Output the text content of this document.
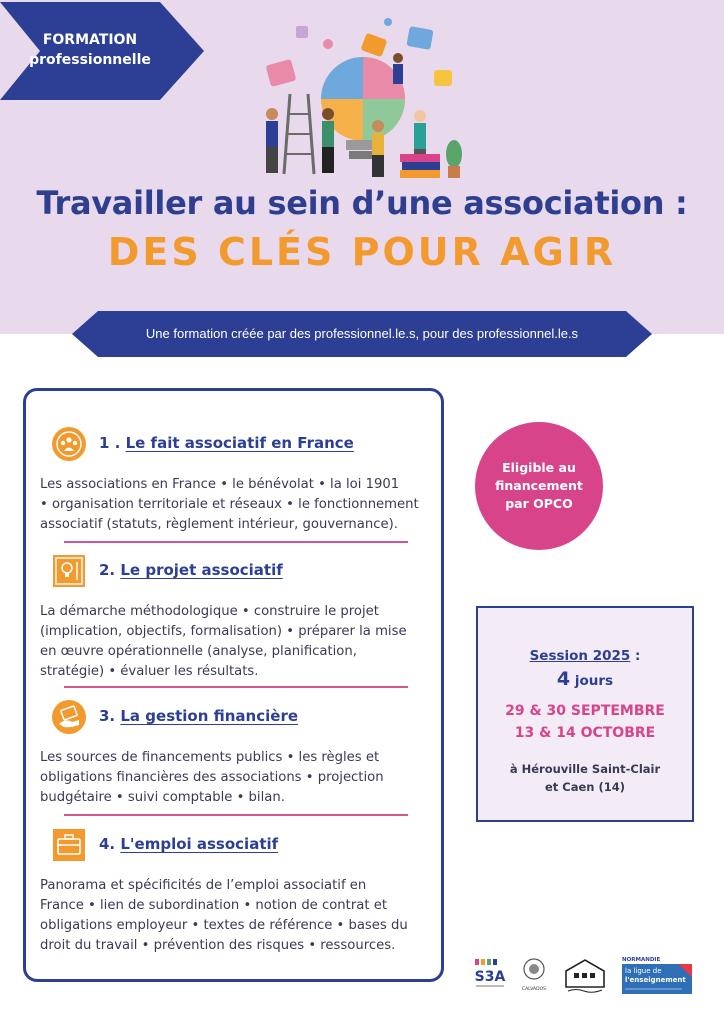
FORMATION
professionnelle
Travailler au sein d’une association :
DES CLÉS POUR AGIR
Une formation créée par des professionnel.le.s, pour des professionnel.le.s
1 . Le fait associatif en France
Les associations en France • le bénévolat • la loi 1901
• organisation territoriale et réseaux • le fonctionnement
associatif (statuts, règlement intérieur, gouvernance).
2. Le projet associatif
La démarche méthodologique • construire le projet
(implication, objectifs, formalisation) • préparer la mise
en œuvre opérationnelle (analyse, planification,
stratégie) • évaluer les résultats.
3. La gestion financière
Les sources de financements publics • les règles et
obligations financières des associations • projection
budgétaire • suivi comptable • bilan.
4. L'emploi associatif
Panorama et spécificités de l’emploi associatif en
France • lien de subordination • notion de contrat et
obligations employeur • textes de référence • bases du
droit du travail • prévention des risques • ressources.
Eligible au
financement
par OPCO
Session 2025 :
4 jours
29 & 30 SEPTEMBRE
13 & 14 OCTOBRE
à Hérouville Saint-Clair
et Caen (14)
S3A
CALVADOS
NORMANDIE
la ligue de
l'enseignement
